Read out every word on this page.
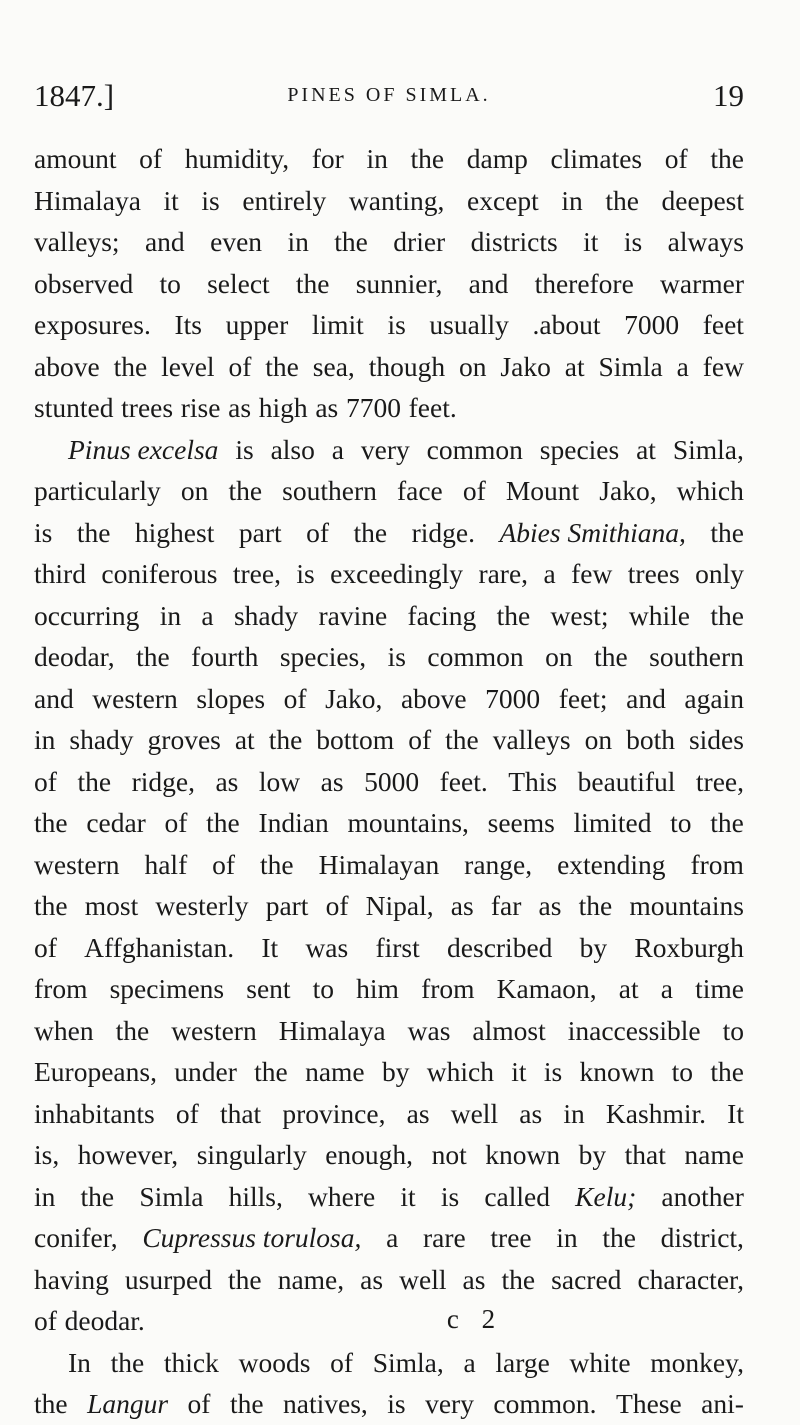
1847.]	PINES OF SIMLA.	19
amount of humidity, for in the damp climates of the
Himalaya it is entirely wanting, except in the deepest
valleys; and even in the drier districts it is always
observed to select the sunnier, and therefore warmer
exposures. Its upper limit is usually .about 7000 feet
above the level of the sea, though on Jako at Simla a few
stunted trees rise as high as 7700 feet.
Pinus excelsa is also a very common species at Simla,
particularly on the southern face of Mount Jako, which
is the highest part of the ridge. Abies Smithiana, the
third coniferous tree, is exceedingly rare, a few trees only
occurring in a shady ravine facing the west; while the
deodar, the fourth species, is common on the southern
and western slopes of Jako, above 7000 feet; and again
in shady groves at the bottom of the valleys on both sides
of the ridge, as low as 5000 feet. This beautiful tree,
the cedar of the Indian mountains, seems limited to the
western half of the Himalayan range, extending from
the most westerly part of Nipal, as far as the mountains
of Affghanistan. It was first described by Roxburgh
from specimens sent to him from Kamaon, at a time
when the western Himalaya was almost inaccessible to
Europeans, under the name by which it is known to the
inhabitants of that province, as well as in Kashmir. It
is, however, singularly enough, not known by that name
in the Simla hills, where it is called Kelu; another
conifer, Cupressus torulosa, a rare tree in the district,
having usurped the name, as well as the sacred character,
of deodar.
In the thick woods of Simla, a large white monkey,
the Langur of the natives, is very common. These ani-
c 2
